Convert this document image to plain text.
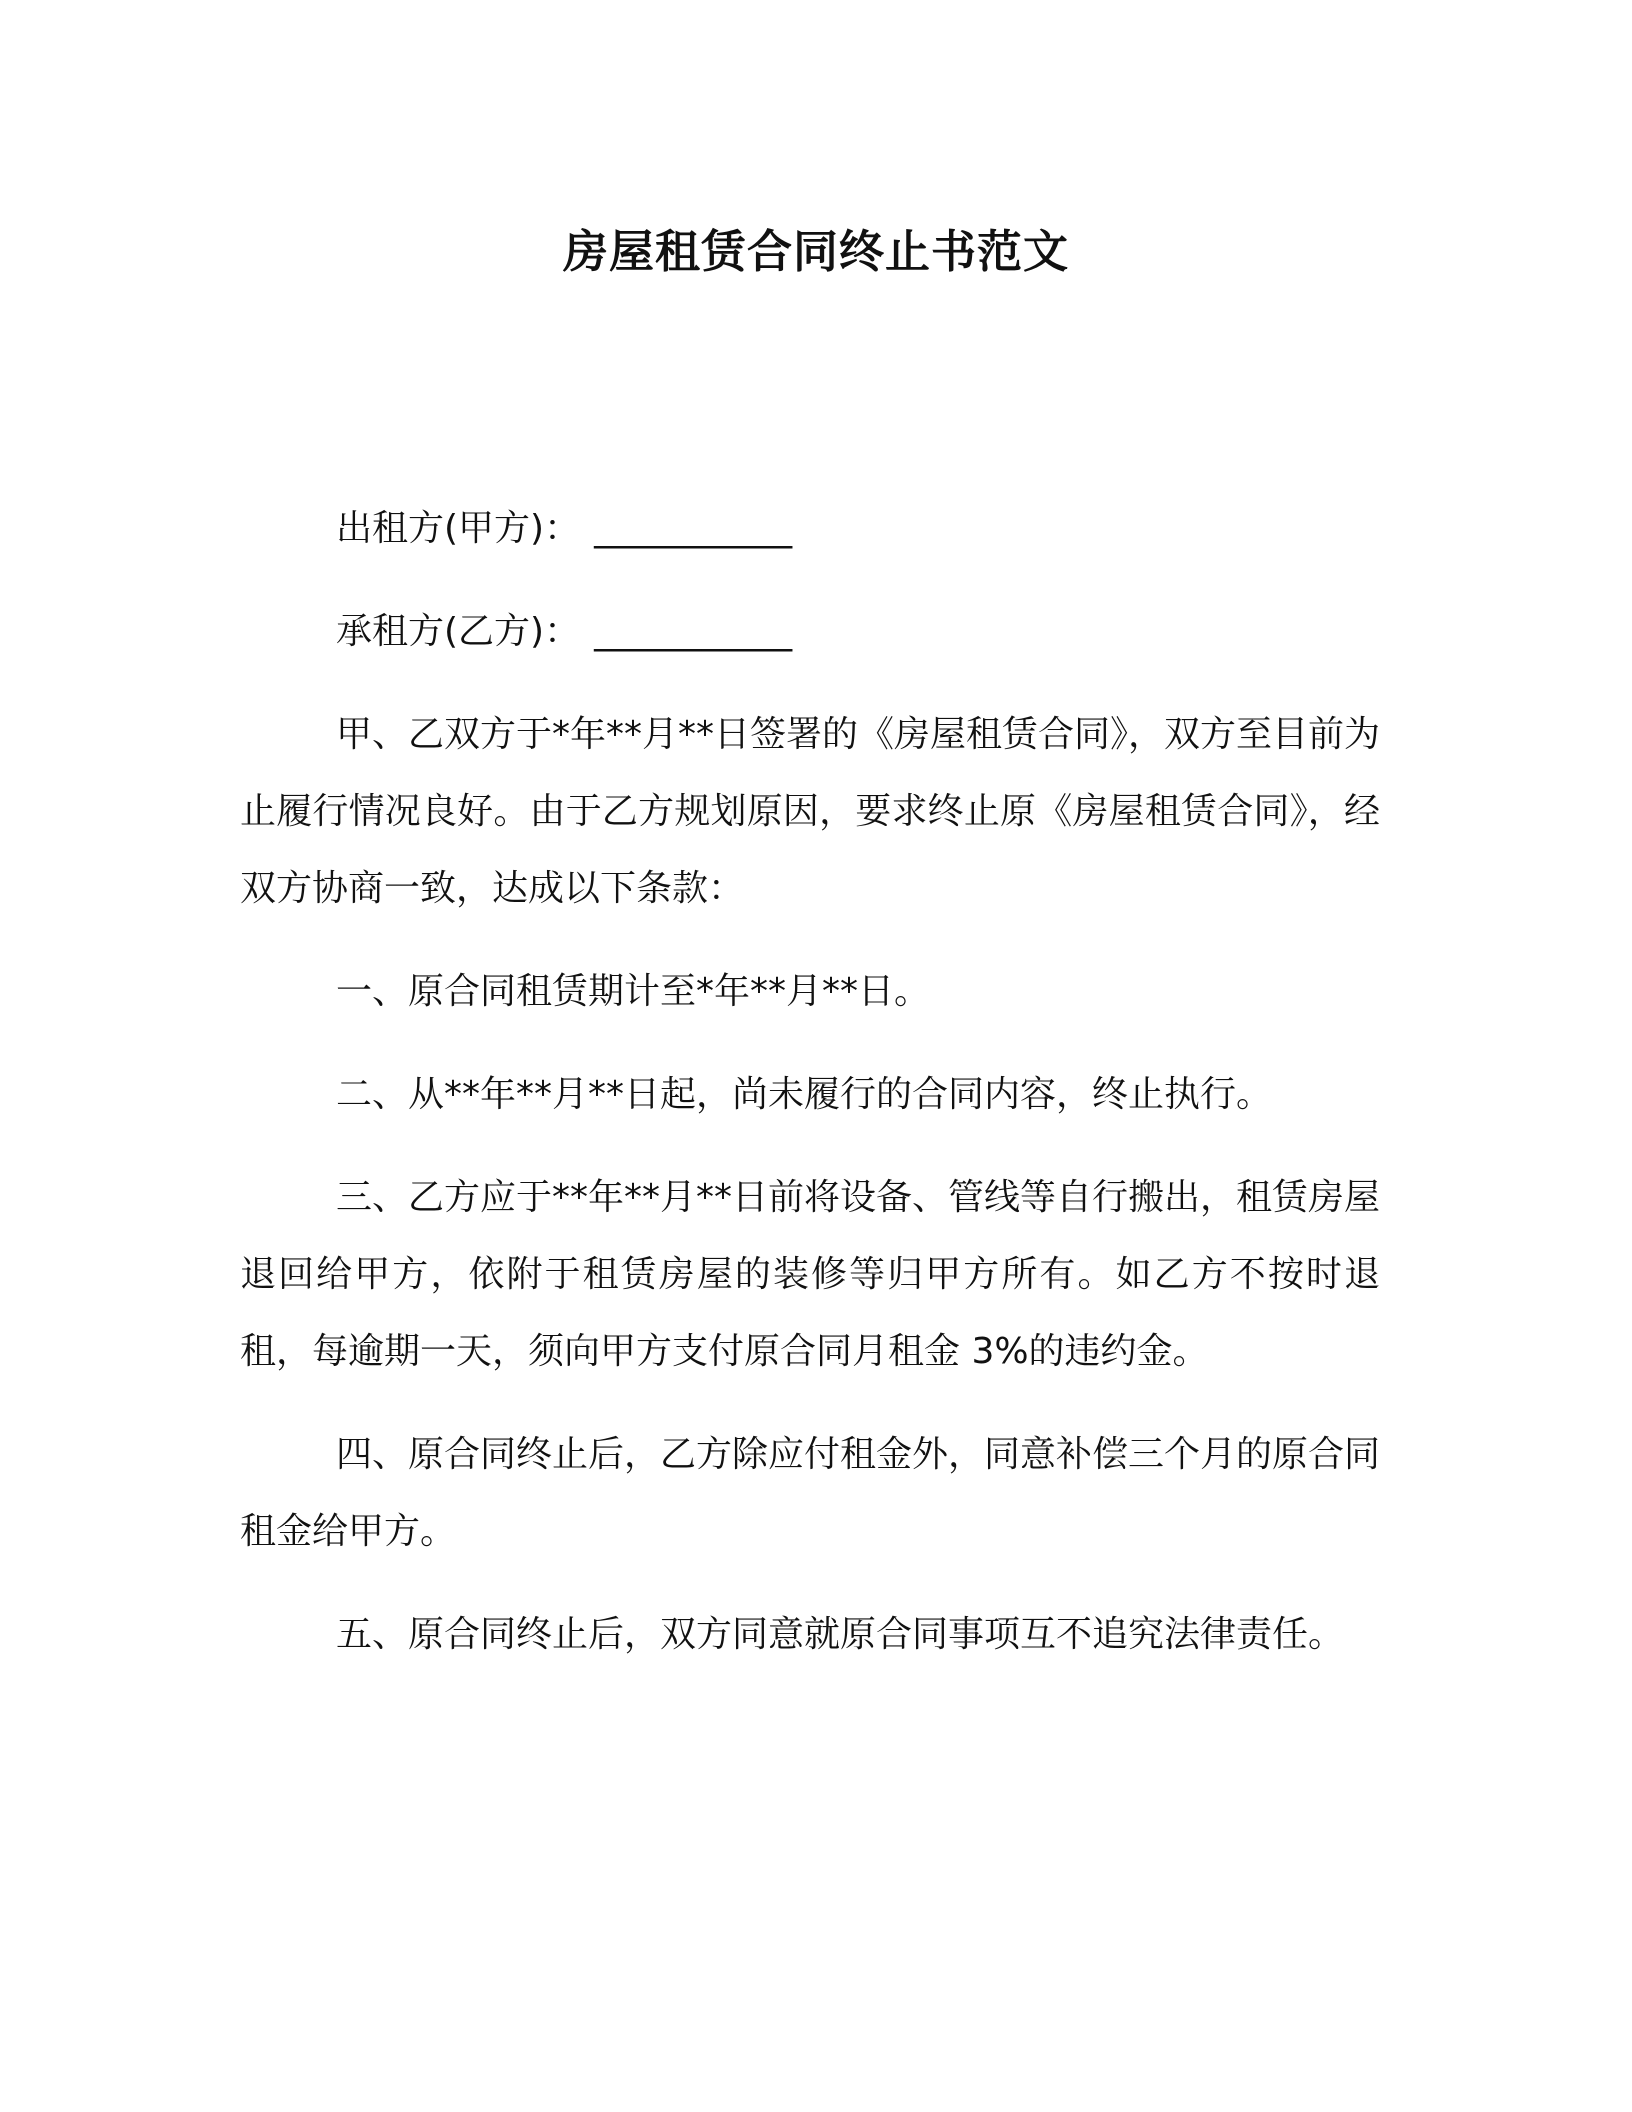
房屋租赁合同终止书范文
出租方(甲方)： ___________
承租方(乙方)： ___________

甲、乙双方于*年**月**日签署的《房屋租赁合同》，双方至目前为止履行情况良好。由于乙方规划原因，要求终止原《房屋租赁合同》，经双方协商一致，达成以下条款：

一、原合同租赁期计至*年**月**日。

二、从**年**月**日起，尚未履行的合同内容，终止执行。

三、乙方应于**年**月**日前将设备、管线等自行搬出，租赁房屋退回给甲方，依附于租赁房屋的装修等归甲方所有。如乙方不按时退租，每逾期一天，须向甲方支付原合同月租金 3%的违约金。

四、原合同终止后，乙方除应付租金外，同意补偿三个月的原合同租金给甲方。

五、原合同终止后，双方同意就原合同事项互不追究法律责任。
